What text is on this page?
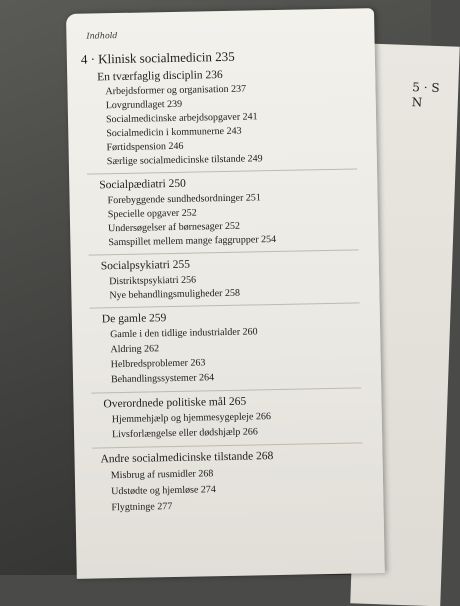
5 · S
N
Indhold
4 · Klinisk socialmedicin 235
En tværfaglig disciplin 236
Arbejdsformer og organisation 237
Lovgrundlaget 239
Socialmedicinske arbejdsopgaver 241
Socialmedicin i kommunerne 243
Førtidspension 246
Særlige socialmedicinske tilstande 249
Socialpædiatri 250
Forebyggende sundhedsordninger 251
Specielle opgaver 252
Undersøgelser af børnesager 252
Samspillet mellem mange faggrupper 254
Socialpsykiatri 255
Distriktspsykiatri 256
Nye behandlingsmuligheder 258
De gamle 259
Gamle i den tidlige industrialder 260
Aldring 262
Helbredsproblemer 263
Behandlingssystemer 264
Overordnede politiske mål 265
Hjemmehjælp og hjemmesygepleje 266
Livsforlængelse eller dødshjælp 266
Andre socialmedicinske tilstande 268
Misbrug af rusmidler 268
Udstødte og hjemløse 274
Flygtninge 277
